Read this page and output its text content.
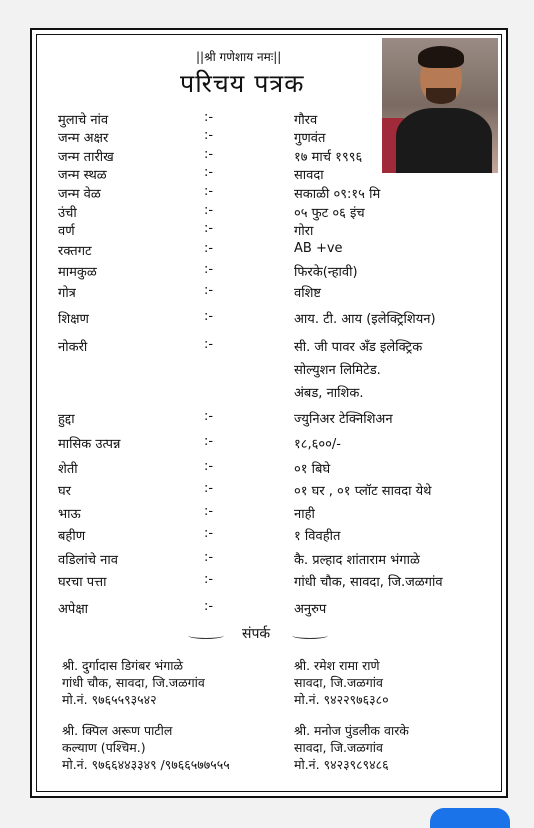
||श्री गणेशाय नमः||
परिचय पत्रक
मुलाचे नांव	:-	गौरव
जन्म अक्षर	:-	गुणवंत
जन्म तारीख	:-	१७ मार्च १९९६
जन्म स्थळ	:-	सावदा
जन्म वेळ	:-	सकाळी ०९:१५ मि
उंची	:-	०५ फुट ०६ इंच
वर्ण	:-	गोरा
रक्तगट	:-	AB +ve
मामकुळ	:-	फिरके(न्हावी)
गोत्र	:-	वशिष्ट
शिक्षण	:-	आय. टी. आय (इलेक्ट्रिशियन)
नोकरी	:-	सी. जी पावर अँड इलेक्ट्रिक
सोल्युशन लिमिटेड.
अंबड, नाशिक.
हुद्दा	:-	ज्युनिअर टेक्निशिअन
मासिक उत्पन्न	:-	१८,६००/-
शेती	:-	०१ बिघे
घर	:-	०१ घर , ०१ प्लॉट सावदा येथे
भाऊ	:-	नाही
बहीण	:-	१ विवहीत
वडिलांचे नाव	:-	कै. प्रल्हाद शांताराम भंगाळे
घरचा पत्ता	:-	गांधी चौक, सावदा, जि.जळगांव
अपेक्षा	:-	अनुरुप
संपर्क
श्री. दुर्गादास डिगंबर भंगाळे
गांधी चौक, सावदा, जि.जळगांव
मो.नं. ९७६५५९३५४२
श्री. रमेश रामा राणे
सावदा, जि.जळगांव
मो.नं. ९४२२९७६३८०
श्री. क्पिल अरूण पाटील
कल्याण (पश्चिम.)
मो.नं. ९७६६४४३३४९ /९७६६५७७५५५
श्री. मनोज पुंडलीक वारके
सावदा, जि.जळगांव
मो.नं. ९४२३९८९४८६
